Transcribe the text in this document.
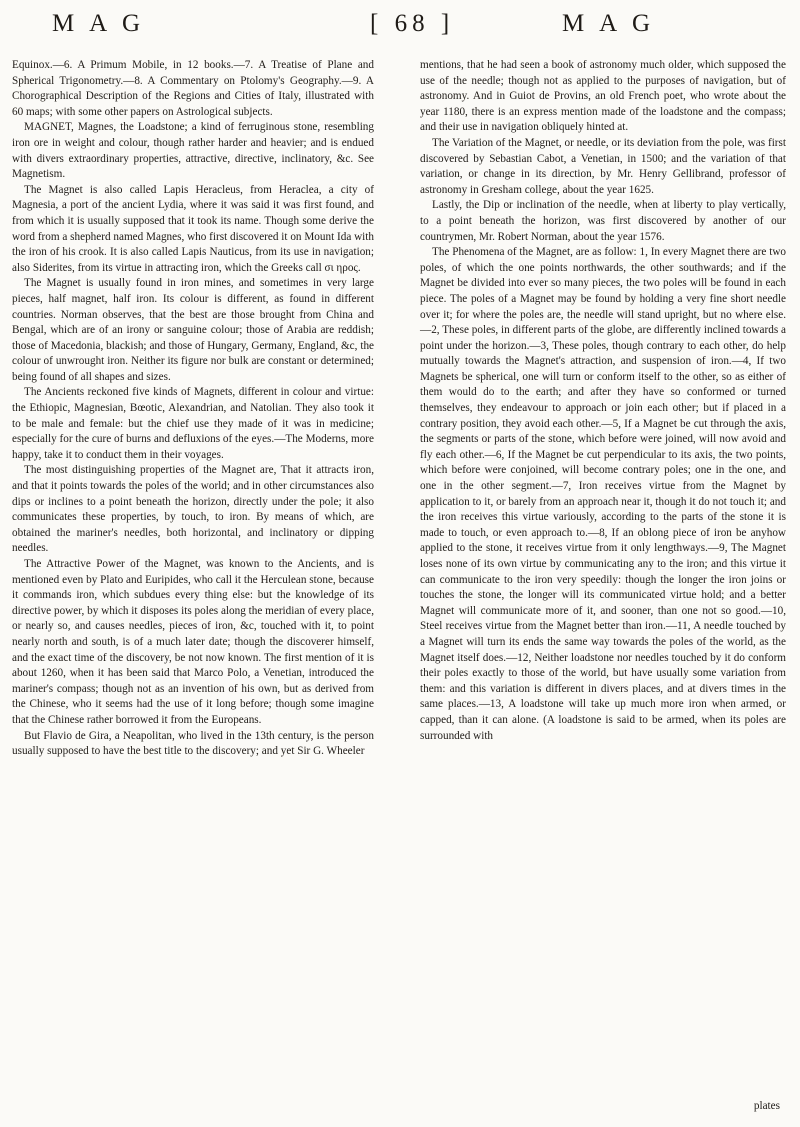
M A G	[ 68 ]	M A G

Equinox.—6. A Primum Mobile, in 12 books.—7. A Treatise of Plane and Spherical Trigonometry.—8. A Commentary on Ptolomy's Geography.—9. A Chorographical Description of the Regions and Cities of Italy, illustrated with 60 maps; with some other papers on Astrological subjects.

MAGNET, Magnes, the Loadstone; a kind of ferruginous stone, resembling iron ore in weight and colour, though rather harder and heavier; and is endued with divers extraordinary properties, attractive, directive, inclinatory, &c. See Magnetism.

The Magnet is also called Lapis Heracleus, from Heraclea, a city of Magnesia, a port of the ancient Lydia, where it was said it was first found, and from which it is usually supposed that it took its name. Though some derive the word from a shepherd named Magnes, who first discovered it on Mount Ida with the iron of his crook. It is also called Lapis Nauticus, from its use in navigation; also Siderites, from its virtue in attracting iron, which the Greeks call σι ηρος.

The Magnet is usually found in iron mines, and sometimes in very large pieces, half magnet, half iron. Its colour is different, as found in different countries. Norman observes, that the best are those brought from China and Bengal, which are of an irony or sanguine colour; those of Arabia are reddish; those of Macedonia, blackish; and those of Hungary, Germany, England, &c, the colour of unwrought iron. Neither its figure nor bulk are constant or determined; being found of all shapes and sizes.

The Ancients reckoned five kinds of Magnets, different in colour and virtue: the Ethiopic, Magnesian, Bœotic, Alexandrian, and Natolian. They also took it to be male and female: but the chief use they made of it was in medicine; especially for the cure of burns and defluxions of the eyes.—The Moderns, more happy, take it to conduct them in their voyages.

The most distinguishing properties of the Magnet are, That it attracts iron, and that it points towards the poles of the world; and in other circumstances also dips or inclines to a point beneath the horizon, directly under the pole; it also communicates these properties, by touch, to iron. By means of which, are obtained the mariner's needles, both horizontal, and inclinatory or dipping needles.

The Attractive Power of the Magnet, was known to the Ancients, and is mentioned even by Plato and Euripides, who call it the Herculean stone, because it commands iron, which subdues every thing else: but the knowledge of its directive power, by which it disposes its poles along the meridian of every place, or nearly so, and causes needles, pieces of iron, &c, touched with it, to point nearly north and south, is of a much later date; though the discoverer himself, and the exact time of the discovery, be not now known. The first mention of it is about 1260, when it has been said that Marco Polo, a Venetian, introduced the mariner's compass; though not as an invention of his own, but as derived from the Chinese, who it seems had the use of it long before; though some imagine that the Chinese rather borrowed it from the Europeans.

But Flavio de Gira, a Neapolitan, who lived in the 13th century, is the person usually supposed to have the best title to the discovery; and yet Sir G. Wheeler

mentions, that he had seen a book of astronomy much older, which supposed the use of the needle; though not as applied to the purposes of navigation, but of astronomy. And in Guiot de Provins, an old French poet, who wrote about the year 1180, there is an express mention made of the loadstone and the compass; and their use in navigation obliquely hinted at.

The Variation of the Magnet, or needle, or its deviation from the pole, was first discovered by Sebastian Cabot, a Venetian, in 1500; and the variation of that variation, or change in its direction, by Mr. Henry Gellibrand, professor of astronomy in Gresham college, about the year 1625.

Lastly, the Dip or inclination of the needle, when at liberty to play vertically, to a point beneath the horizon, was first discovered by another of our countrymen, Mr. Robert Norman, about the year 1576.

The Phenomena of the Magnet, are as follow: 1, In every Magnet there are two poles, of which the one points northwards, the other southwards; and if the Magnet be divided into ever so many pieces, the two poles will be found in each piece. The poles of a Magnet may be found by holding a very fine short needle over it; for where the poles are, the needle will stand upright, but no where else.—2, These poles, in different parts of the globe, are differently inclined towards a point under the horizon.—3, These poles, though contrary to each other, do help mutually towards the Magnet's attraction, and suspension of iron.—4, If two Magnets be spherical, one will turn or conform itself to the other, so as either of them would do to the earth; and after they have so conformed or turned themselves, they endeavour to approach or join each other; but if placed in a contrary position, they avoid each other.—5, If a Magnet be cut through the axis, the segments or parts of the stone, which before were joined, will now avoid and fly each other.—6, If the Magnet be cut perpendicular to its axis, the two points, which before were conjoined, will become contrary poles; one in the one, and one in the other segment.—7, Iron receives virtue from the Magnet by application to it, or barely from an approach near it, though it do not touch it; and the iron receives this virtue variously, according to the parts of the stone it is made to touch, or even approach to.—8, If an oblong piece of iron be anyhow applied to the stone, it receives virtue from it only lengthways.—9, The Magnet loses none of its own virtue by communicating any to the iron; and this virtue it can communicate to the iron very speedily: though the longer the iron joins or touches the stone, the longer will its communicated virtue hold; and a better Magnet will communicate more of it, and sooner, than one not so good.—10, Steel receives virtue from the Magnet better than iron.—11, A needle touched by a Magnet will turn its ends the same way towards the poles of the world, as the Magnet itself does.—12, Neither loadstone nor needles touched by it do conform their poles exactly to those of the world, but have usually some variation from them: and this variation is different in divers places, and at divers times in the same places.—13, A loadstone will take up much more iron when armed, or capped, than it can alone. (A loadstone is said to be armed, when its poles are surrounded with

plates
